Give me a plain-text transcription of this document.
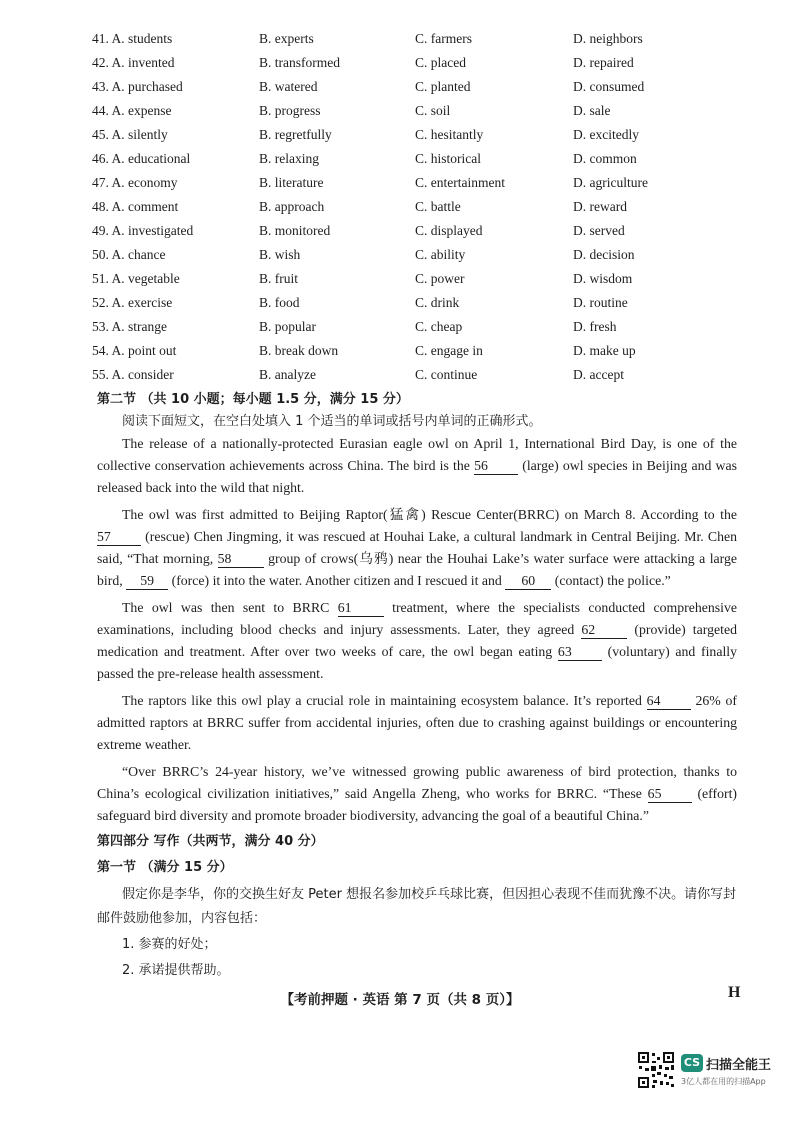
41. A. students	B. experts	C. farmers	D. neighbors
42. A. invented	B. transformed	C. placed	D. repaired
43. A. purchased	B. watered	C. planted	D. consumed
44. A. expense	B. progress	C. soil	D. sale
45. A. silently	B. regretfully	C. hesitantly	D. excitedly
46. A. educational	B. relaxing	C. historical	D. common
47. A. economy	B. literature	C. entertainment	D. agriculture
48. A. comment	B. approach	C. battle	D. reward
49. A. investigated	B. monitored	C. displayed	D. served
50. A. chance	B. wish	C. ability	D. decision
51. A. vegetable	B. fruit	C. power	D. wisdom
52. A. exercise	B. food	C. drink	D. routine
53. A. strange	B. popular	C. cheap	D. fresh
54. A. point out	B. break down	C. engage in	D. make up
55. A. consider	B. analyze	C. continue	D. accept
第二节 （共 10 小题；每小题 1.5 分，满分 15 分）
阅读下面短文，在空白处填入 1 个适当的单词或括号内单词的正确形式。
The release of a nationally-protected Eurasian eagle owl on April 1, International Bird Day, is one of the
collective conservation achievements across China. The bird is the 56 (large) owl species in Beijing and was
released back into the wild that night.
The owl was first admitted to Beijing Raptor(猛禽) Rescue Center(BRRC) on March 8. According to the
57 (rescue) Chen Jingming, it was rescued at Houhai Lake, a cultural landmark in Central Beijing. Mr. Chen
said, “That morning, 58	group of crows(乌鸦) near the Houhai Lake’s water surface were attacking a large
bird, 59 (force) it into the water. Another citizen and I rescued it and 60 (contact) the police.”
The owl was then sent to BRRC 61	treatment, where the specialists conducted comprehensive
examinations, including blood checks and injury assessments. Later, they agreed 62	(provide) targeted
medication and treatment. After over two weeks of care, the owl began eating 63	(voluntary) and finally
passed the pre-release health assessment.
The raptors like this owl play a crucial role in maintaining ecosystem balance. It’s reported 64	26% of
admitted raptors at BRRC suffer from accidental injuries, often due to crashing against buildings or encountering
extreme weather.
“Over BRRC’s 24-year history, we’ve witnessed growing public awareness of bird protection, thanks to
China’s ecological civilization initiatives,” said Angella Zheng, who works for BRRC. “These 65	(effort)
safeguard bird diversity and promote broader biodiversity, advancing the goal of a beautiful China.”
第四部分 写作（共两节，满分 40 分）
第一节 （满分 15 分）
假定你是李华，你的交换生好友 Peter 想报名参加校乒乓球比赛，但因担心表现不佳而犹豫不决。请你写封
邮件鼓励他参加，内容包括：
1. 参赛的好处；
2. 承诺提供帮助。
【考前押题 · 英语 第 7 页（共 8 页）】	H
CS 扫描全能王
3亿人都在用的扫描App
